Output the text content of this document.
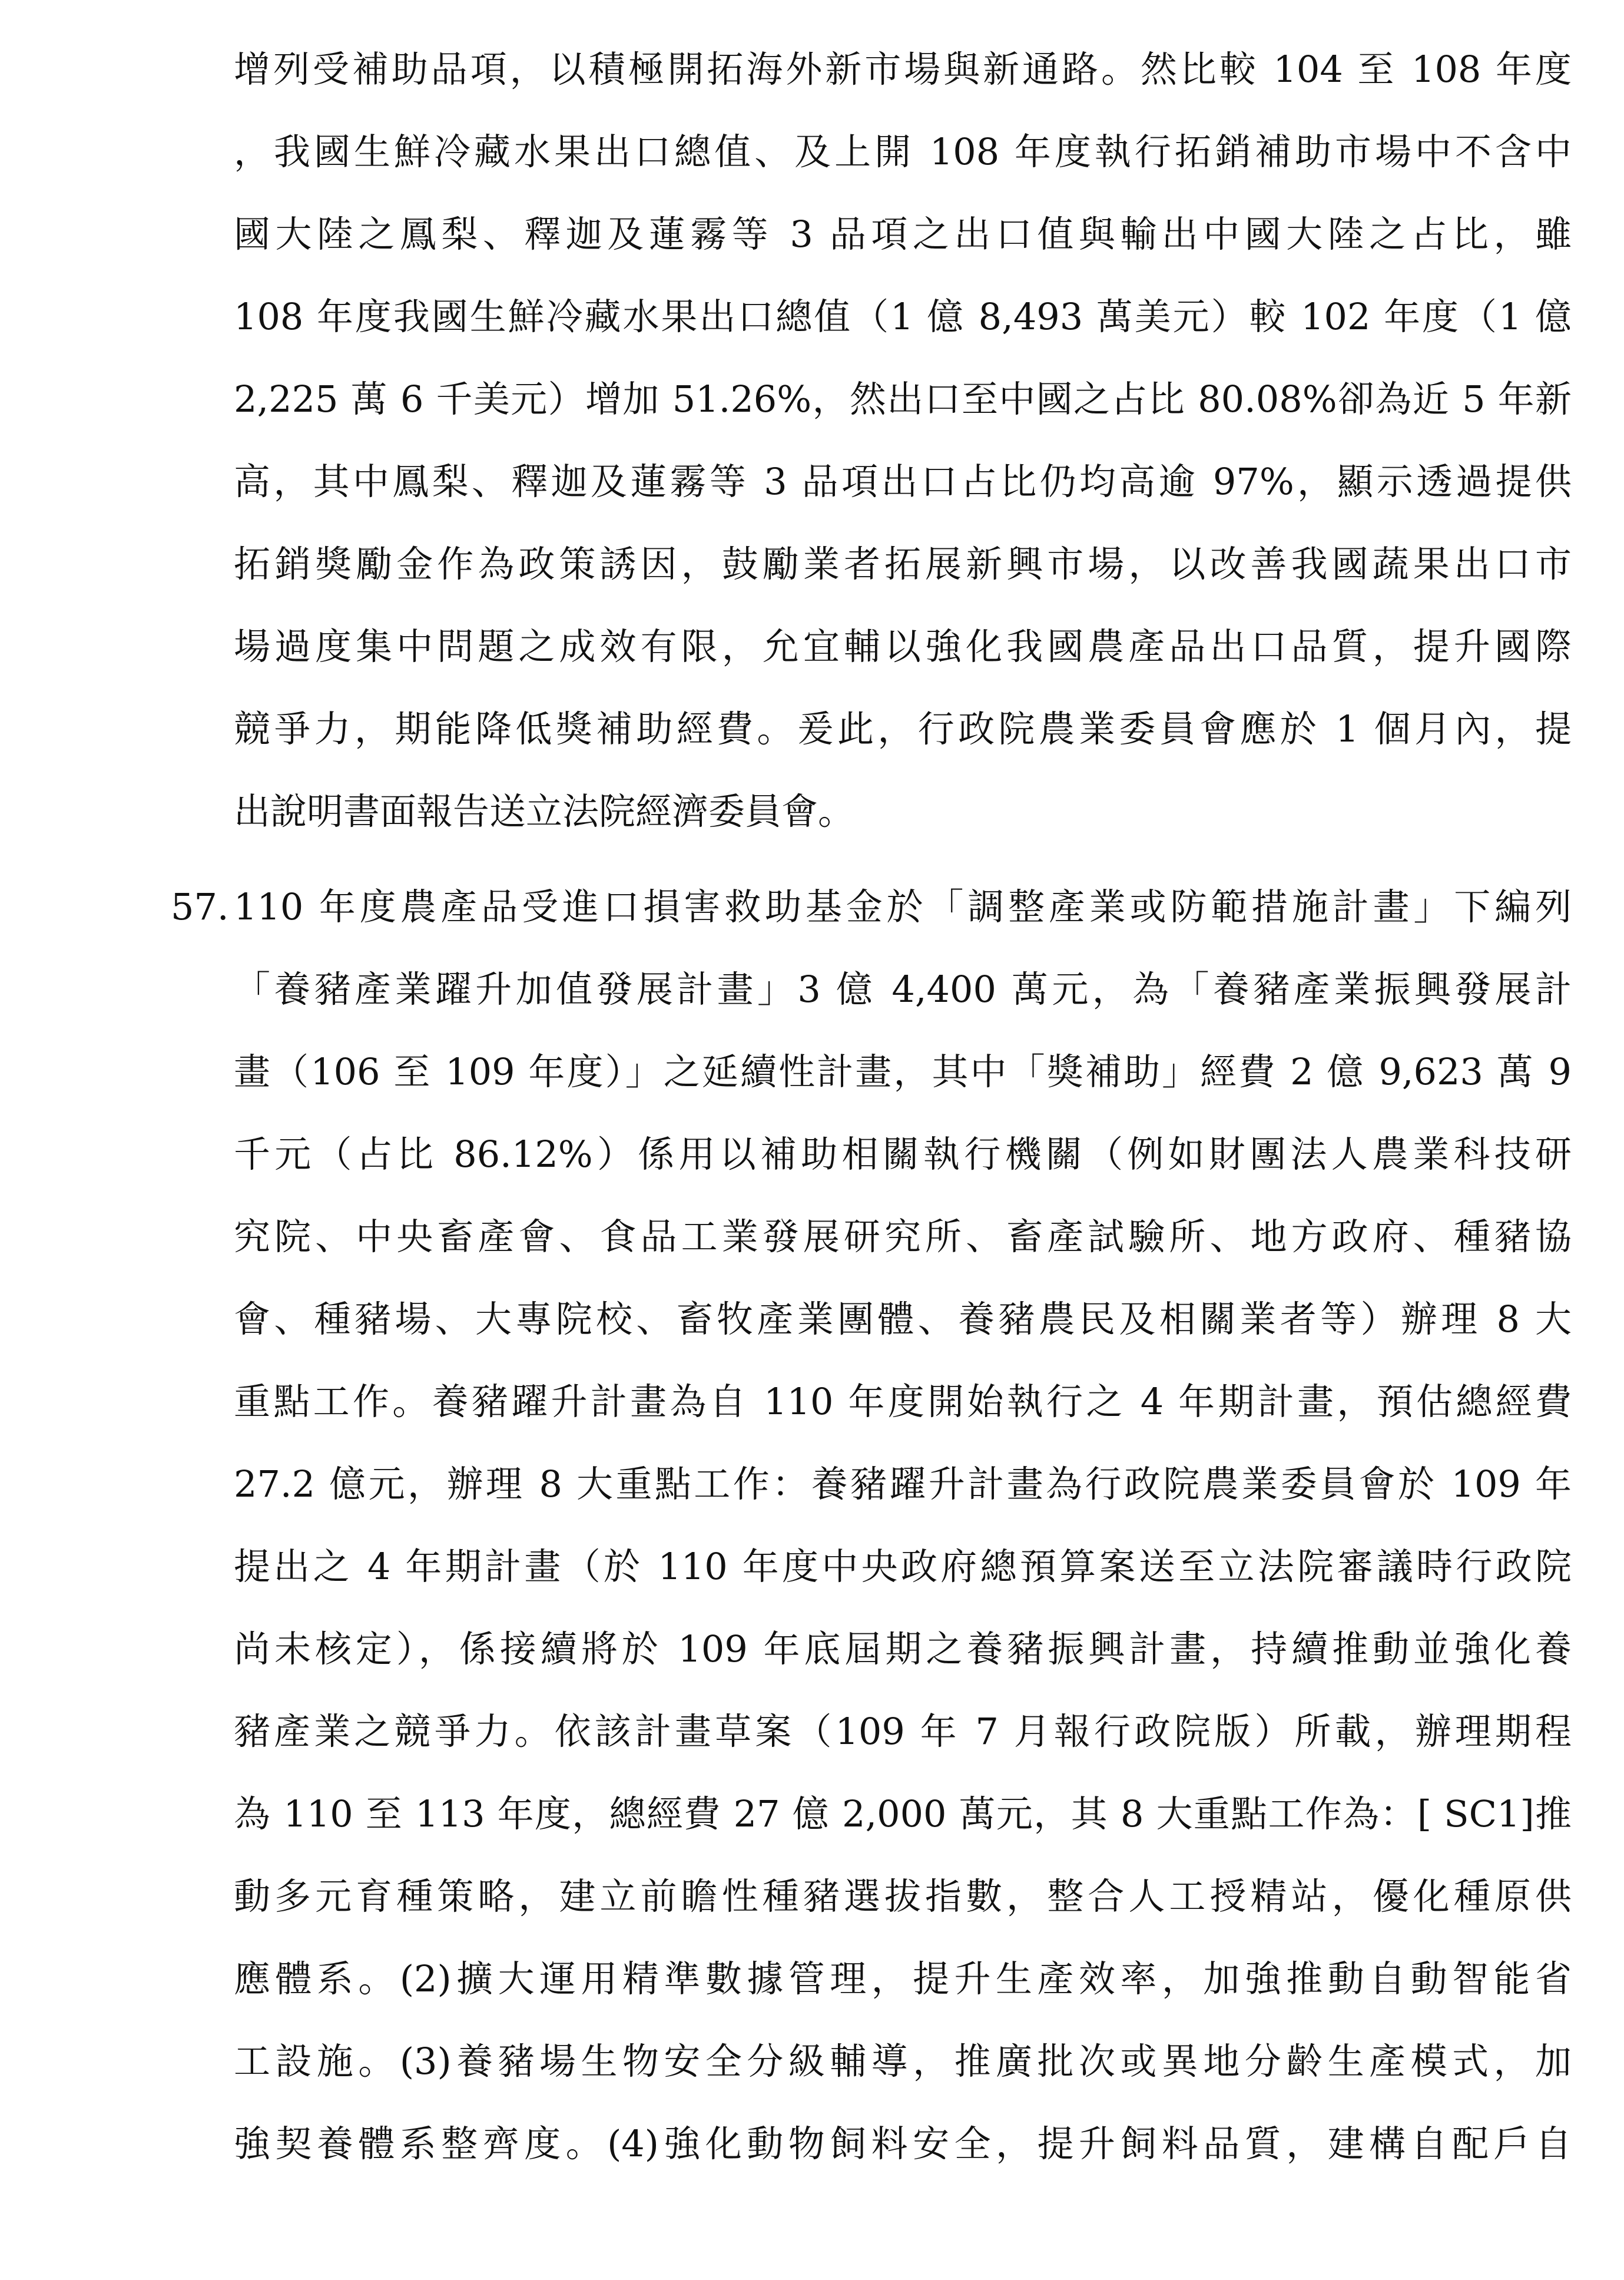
增列受補助品項，以積極開拓海外新市場與新通路。然比較 104 至 108 年度
，我國生鮮冷藏水果出口總值、及上開 108 年度執行拓銷補助市場中不含中
國大陸之鳳梨、釋迦及蓮霧等 3 品項之出口值與輸出中國大陸之占比，雖
108 年度我國生鮮冷藏水果出口總值（1 億 8,493 萬美元）較 102 年度（1 億
2,225 萬 6 千美元）增加 51.26%，然出口至中國之占比 80.08%卻為近 5 年新
高，其中鳳梨、釋迦及蓮霧等 3 品項出口占比仍均高逾 97%，顯示透過提供
拓銷獎勵金作為政策誘因，鼓勵業者拓展新興市場，以改善我國蔬果出口市
場過度集中問題之成效有限，允宜輔以強化我國農產品出口品質，提升國際
競爭力，期能降低獎補助經費。爰此，行政院農業委員會應於 1 個月內，提
出說明書面報告送立法院經濟委員會。
57. 110 年度農產品受進口損害救助基金於「調整產業或防範措施計畫」下編列
「養豬產業躍升加值發展計畫」3 億 4,400 萬元，為「養豬產業振興發展計
畫（106 至 109 年度）」之延續性計畫，其中「獎補助」經費 2 億 9,623 萬 9
千元（占比 86.12%）係用以補助相關執行機關（例如財團法人農業科技研
究院、中央畜產會、食品工業發展研究所、畜產試驗所、地方政府、種豬協
會、種豬場、大專院校、畜牧產業團體、養豬農民及相關業者等）辦理 8 大
重點工作。養豬躍升計畫為自 110 年度開始執行之 4 年期計畫，預估總經費
27.2 億元，辦理 8 大重點工作：養豬躍升計畫為行政院農業委員會於 109 年
提出之 4 年期計畫（於 110 年度中央政府總預算案送至立法院審議時行政院
尚未核定），係接續將於 109 年底屆期之養豬振興計畫，持續推動並強化養
豬產業之競爭力。依該計畫草案（109 年 7 月報行政院版）所載，辦理期程
為 110 至 113 年度，總經費 27 億 2,000 萬元，其 8 大重點工作為：[ SC1]推
動多元育種策略，建立前瞻性種豬選拔指數，整合人工授精站，優化種原供
應體系。(2)擴大運用精準數據管理，提升生產效率，加強推動自動智能省
工設施。(3)養豬場生物安全分級輔導，推廣批次或異地分齡生產模式，加
強契養體系整齊度。(4)強化動物飼料安全，提升飼料品質，建構自配戶自
